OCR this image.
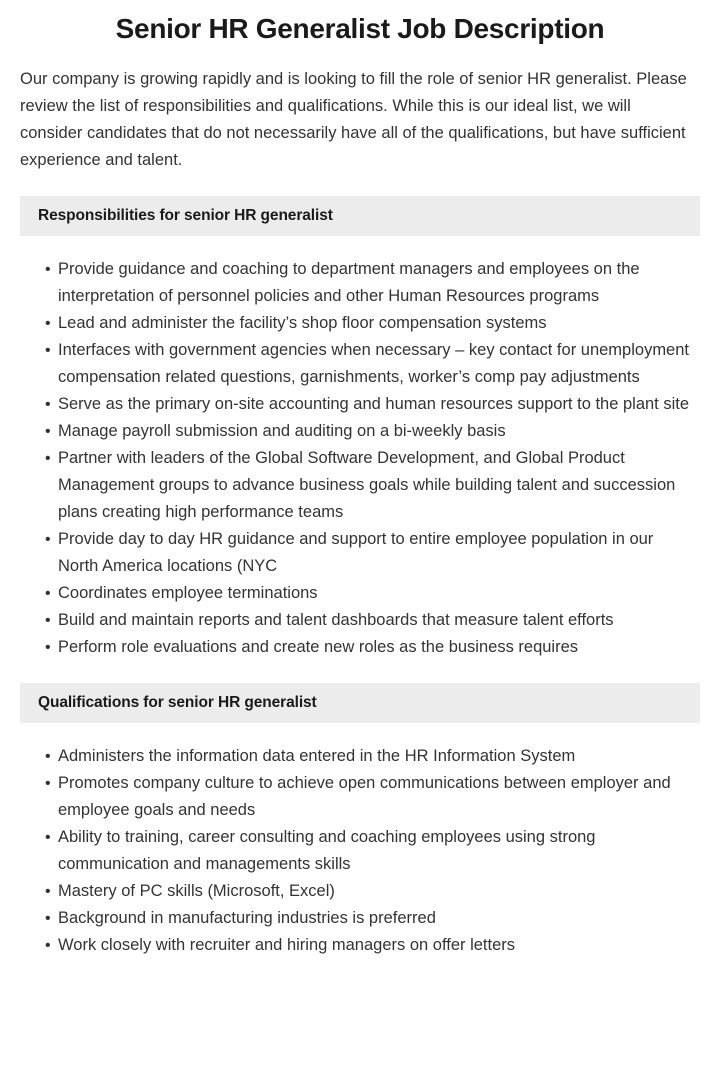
Senior HR Generalist Job Description

Our company is growing rapidly and is looking to fill the role of senior HR generalist. Please review the list of responsibilities and qualifications. While this is our ideal list, we will consider candidates that do not necessarily have all of the qualifications, but have sufficient experience and talent.

Responsibilities for senior HR generalist
• Provide guidance and coaching to department managers and employees on the interpretation of personnel policies and other Human Resources programs
• Lead and administer the facility’s shop floor compensation systems
• Interfaces with government agencies when necessary – key contact for unemployment compensation related questions, garnishments, worker’s comp pay adjustments
• Serve as the primary on-site accounting and human resources support to the plant site
• Manage payroll submission and auditing on a bi-weekly basis
• Partner with leaders of the Global Software Development, and Global Product Management groups to advance business goals while building talent and succession plans creating high performance teams
• Provide day to day HR guidance and support to entire employee population in our North America locations (NYC
• Coordinates employee terminations
• Build and maintain reports and talent dashboards that measure talent efforts
• Perform role evaluations and create new roles as the business requires
Qualifications for senior HR generalist
• Administers the information data entered in the HR Information System
• Promotes company culture to achieve open communications between employer and employee goals and needs
• Ability to training, career consulting and coaching employees using strong communication and managements skills
• Mastery of PC skills (Microsoft, Excel)
• Background in manufacturing industries is preferred
• Work closely with recruiter and hiring managers on offer letters
